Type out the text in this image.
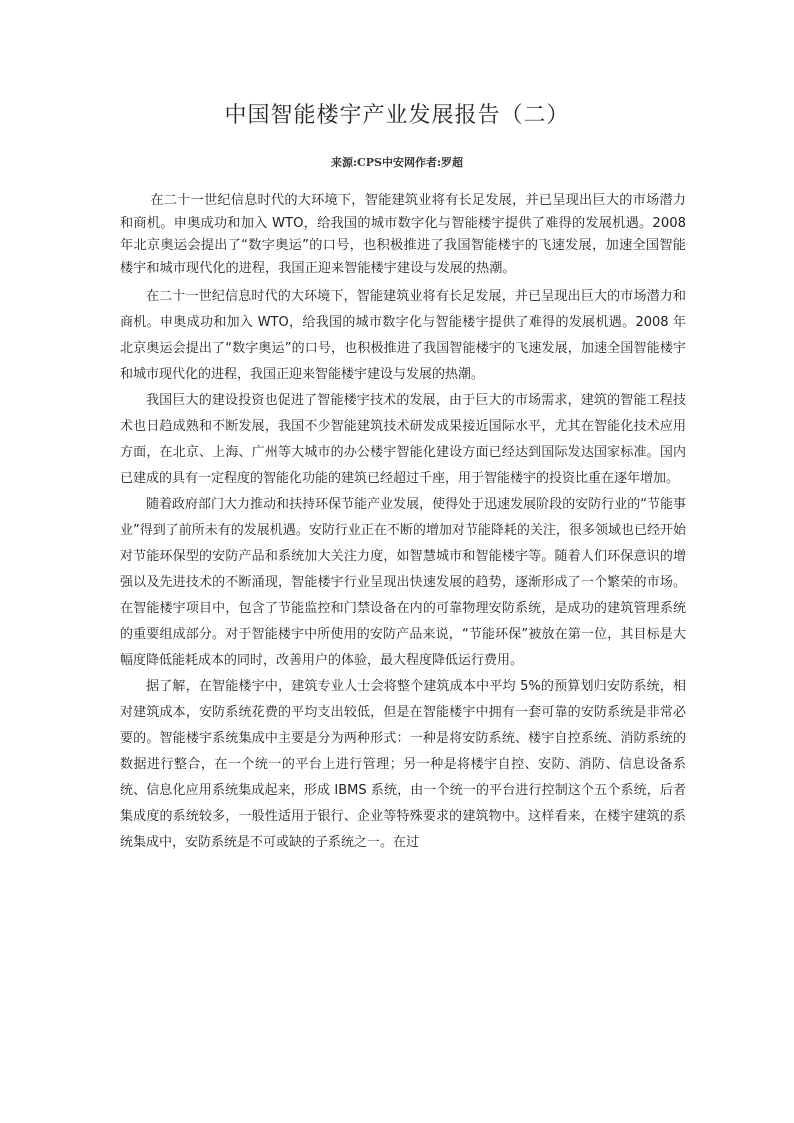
中国智能楼宇产业发展报告（二）
来源:CPS中安网作者:罗超

在二十一世纪信息时代的大环境下，智能建筑业将有长足发展，并已呈现出巨大的市场潜力和商机。申奥成功和加入 WTO，给我国的城市数字化与智能楼宇提供了难得的发展机遇。2008 年北京奥运会提出了“数字奥运”的口号，也积极推进了我国智能楼宇的飞速发展，加速全国智能楼宇和城市现代化的进程，我国正迎来智能楼宇建设与发展的热潮。

在二十一世纪信息时代的大环境下，智能建筑业将有长足发展，并已呈现出巨大的市场潜力和商机。申奥成功和加入 WTO，给我国的城市数字化与智能楼宇提供了难得的发展机遇。2008 年北京奥运会提出了“数字奥运”的口号，也积极推进了我国智能楼宇的飞速发展，加速全国智能楼宇和城市现代化的进程，我国正迎来智能楼宇建设与发展的热潮。

我国巨大的建设投资也促进了智能楼宇技术的发展，由于巨大的市场需求，建筑的智能工程技术也日趋成熟和不断发展，我国不少智能建筑技术研发成果接近国际水平，尤其在智能化技术应用方面，在北京、上海、广州等大城市的办公楼宇智能化建设方面已经达到国际发达国家标准。国内已建成的具有一定程度的智能化功能的建筑已经超过千座，用于智能楼宇的投资比重在逐年增加。

随着政府部门大力推动和扶持环保节能产业发展，使得处于迅速发展阶段的安防行业的“节能事业”得到了前所未有的发展机遇。安防行业正在不断的增加对节能降耗的关注，很多领域也已经开始对节能环保型的安防产品和系统加大关注力度，如智慧城市和智能楼宇等。随着人们环保意识的增强以及先进技术的不断涌现，智能楼宇行业呈现出快速发展的趋势，逐渐形成了一个繁荣的市场。在智能楼宇项目中，包含了节能监控和门禁设备在内的可靠物理安防系统，是成功的建筑管理系统的重要组成部分。对于智能楼宇中所使用的安防产品来说，“节能环保”被放在第一位，其目标是大幅度降低能耗成本的同时，改善用户的体验，最大程度降低运行费用。

据了解，在智能楼宇中，建筑专业人士会将整个建筑成本中平均 5%的预算划归安防系统，相对建筑成本，安防系统花费的平均支出较低，但是在智能楼宇中拥有一套可靠的安防系统是非常必要的。智能楼宇系统集成中主要是分为两种形式：一种是将安防系统、楼宇自控系统、消防系统的数据进行整合，在一个统一的平台上进行管理；另一种是将楼宇自控、安防、消防、信息设备系统、信息化应用系统集成起来，形成 IBMS 系统，由一个统一的平台进行控制这个五个系统，后者集成度的系统较多，一般性适用于银行、企业等特殊要求的建筑物中。这样看来，在楼宇建筑的系统集成中，安防系统是不可或缺的子系统之一。在过
